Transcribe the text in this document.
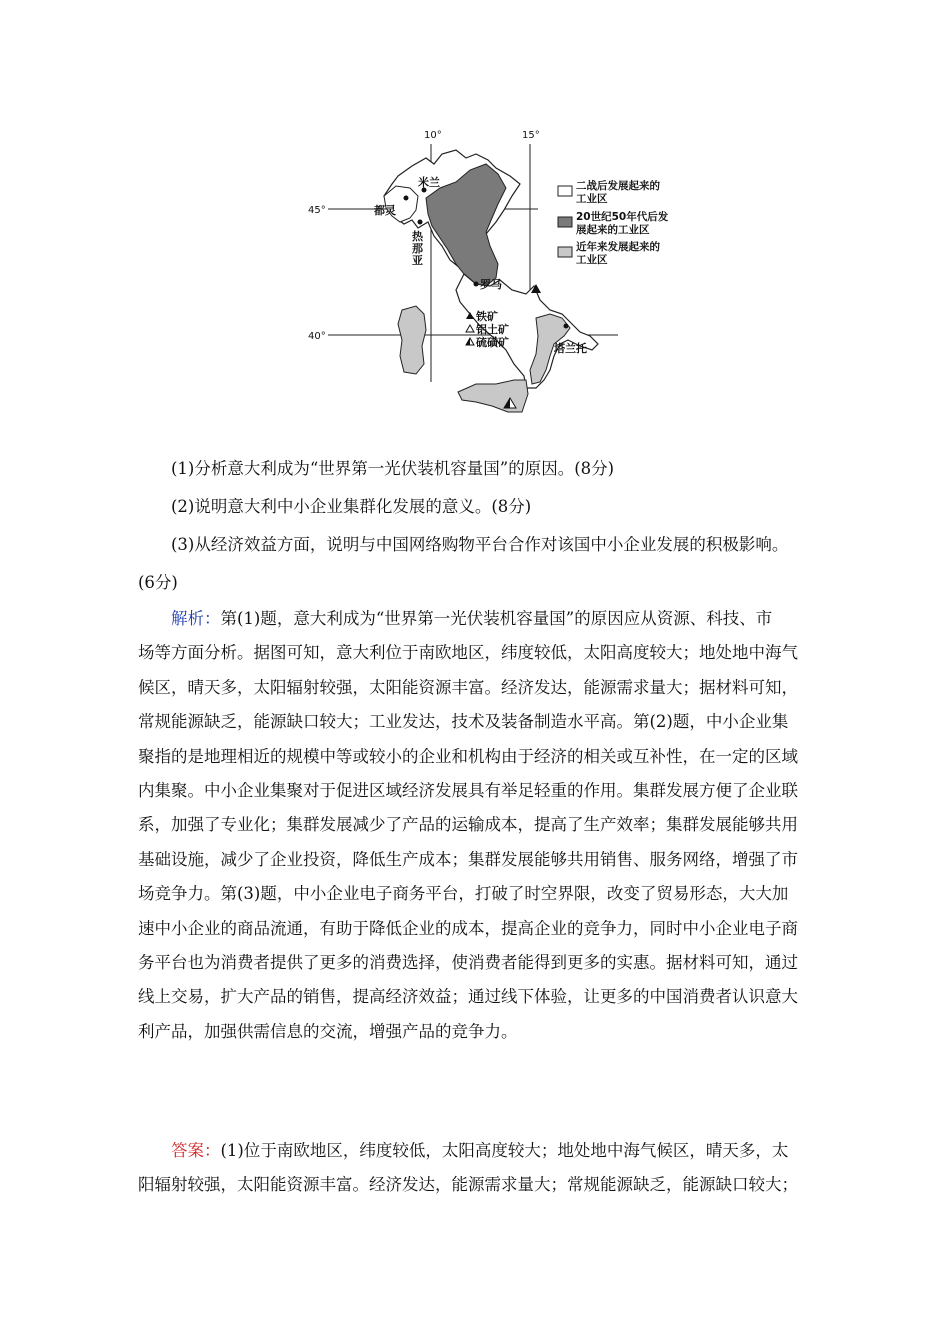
10°	15°
45°
40°
米兰
都灵
热
那
亚
罗马
塔兰托
铁矿
铝土矿
硫磺矿
二战后发展起来的
工业区
20世纪50年代后发
展起来的工业区
近年来发展起来的
工业区
(1)分析意大利成为“世界第一光伏装机容量国”的原因。(8分)
(2)说明意大利中小企业集群化发展的意义。(8分)
(3)从经济效益方面，说明与中国网络购物平台合作对该国中小企业发展的积极影响。
(6分)
解析：第(1)题，意大利成为“世界第一光伏装机容量国”的原因应从资源、科技、市
场等方面分析。据图可知，意大利位于南欧地区，纬度较低，太阳高度较大；地处地中海气
候区，晴天多，太阳辐射较强，太阳能资源丰富。经济发达，能源需求量大；据材料可知，
常规能源缺乏，能源缺口较大；工业发达，技术及装备制造水平高。第(2)题，中小企业集
聚指的是地理相近的规模中等或较小的企业和机构由于经济的相关或互补性，在一定的区域
内集聚。中小企业集聚对于促进区域经济发展具有举足轻重的作用。集群发展方便了企业联
系，加强了专业化；集群发展减少了产品的运输成本，提高了生产效率；集群发展能够共用
基础设施，减少了企业投资，降低生产成本；集群发展能够共用销售、服务网络，增强了市
场竞争力。第(3)题，中小企业电子商务平台，打破了时空界限，改变了贸易形态，大大加
速中小企业的商品流通，有助于降低企业的成本，提高企业的竞争力，同时中小企业电子商
务平台也为消费者提供了更多的消费选择，使消费者能得到更多的实惠。据材料可知，通过
线上交易，扩大产品的销售，提高经济效益；通过线下体验，让更多的中国消费者认识意大
利产品，加强供需信息的交流，增强产品的竞争力。
答案：(1)位于南欧地区，纬度较低，太阳高度较大；地处地中海气候区，晴天多，太
阳辐射较强，太阳能资源丰富。经济发达，能源需求量大；常规能源缺乏，能源缺口较大；
